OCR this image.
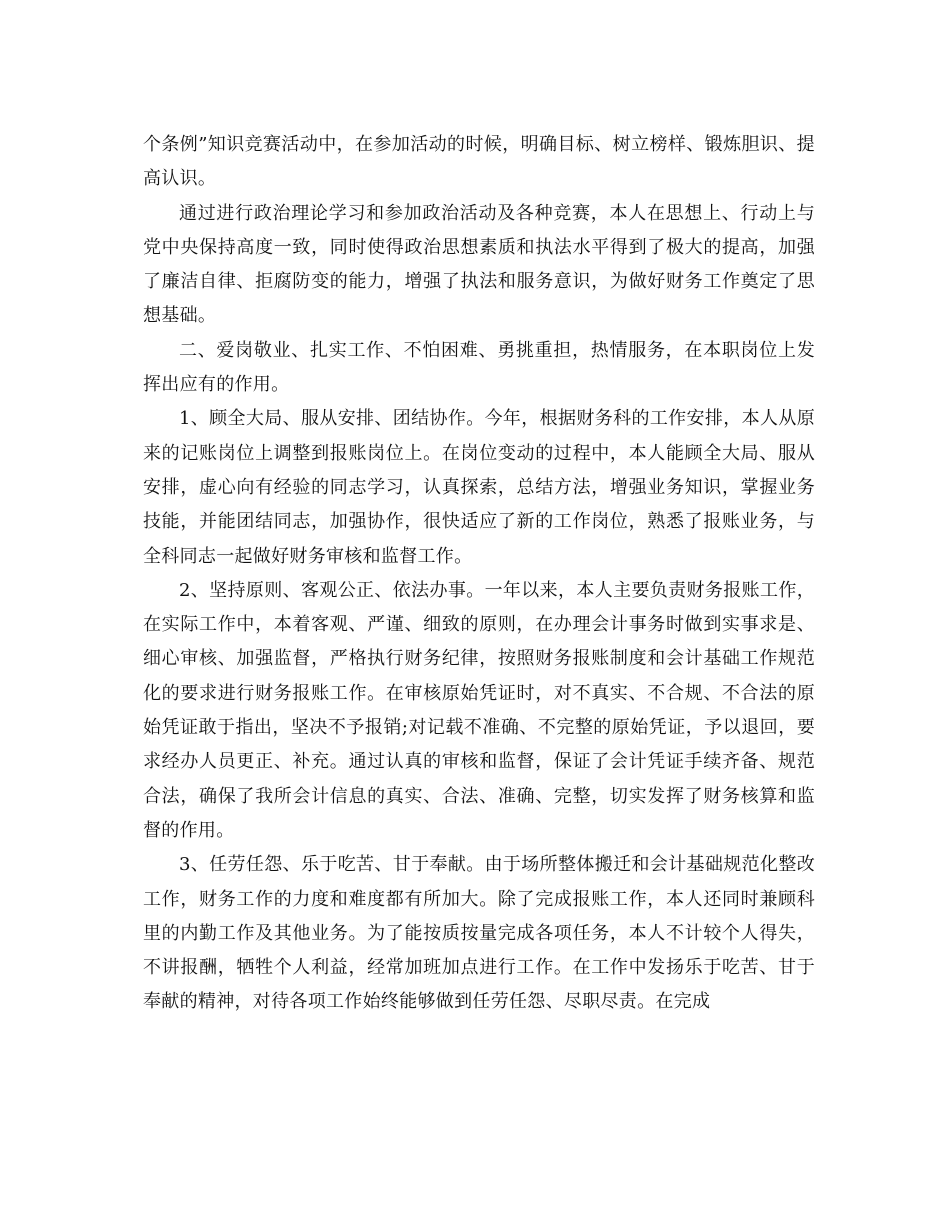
个条例”知识竞赛活动中，在参加活动的时候，明确目标、树立榜样、锻炼胆识、提高认识。

通过进行政治理论学习和参加政治活动及各种竞赛，本人在思想上、行动上与党中央保持高度一致，同时使得政治思想素质和执法水平得到了极大的提高，加强了廉洁自律、拒腐防变的能力，增强了执法和服务意识，为做好财务工作奠定了思想基础。

二、爱岗敬业、扎实工作、不怕困难、勇挑重担，热情服务，在本职岗位上发挥出应有的作用。

1、顾全大局、服从安排、团结协作。今年，根据财务科的工作安排，本人从原来的记账岗位上调整到报账岗位上。在岗位变动的过程中，本人能顾全大局、服从安排，虚心向有经验的同志学习，认真探索，总结方法，增强业务知识，掌握业务技能，并能团结同志，加强协作，很快适应了新的工作岗位，熟悉了报账业务，与全科同志一起做好财务审核和监督工作。

2、坚持原则、客观公正、依法办事。一年以来，本人主要负责财务报账工作，在实际工作中，本着客观、严谨、细致的原则，在办理会计事务时做到实事求是、细心审核、加强监督，严格执行财务纪律，按照财务报账制度和会计基础工作规范化的要求进行财务报账工作。在审核原始凭证时，对不真实、不合规、不合法的原始凭证敢于指出，坚决不予报销;对记载不准确、不完整的原始凭证，予以退回，要求经办人员更正、补充。通过认真的审核和监督，保证了会计凭证手续齐备、规范合法，确保了我所会计信息的真实、合法、准确、完整，切实发挥了财务核算和监督的作用。

3、任劳任怨、乐于吃苦、甘于奉献。由于场所整体搬迁和会计基础规范化整改工作，财务工作的力度和难度都有所加大。除了完成报账工作，本人还同时兼顾科里的内勤工作及其他业务。为了能按质按量完成各项任务，本人不计较个人得失，不讲报酬，牺牲个人利益，经常加班加点进行工作。在工作中发扬乐于吃苦、甘于奉献的精神，对待各项工作始终能够做到任劳任怨、尽职尽责。在完成
